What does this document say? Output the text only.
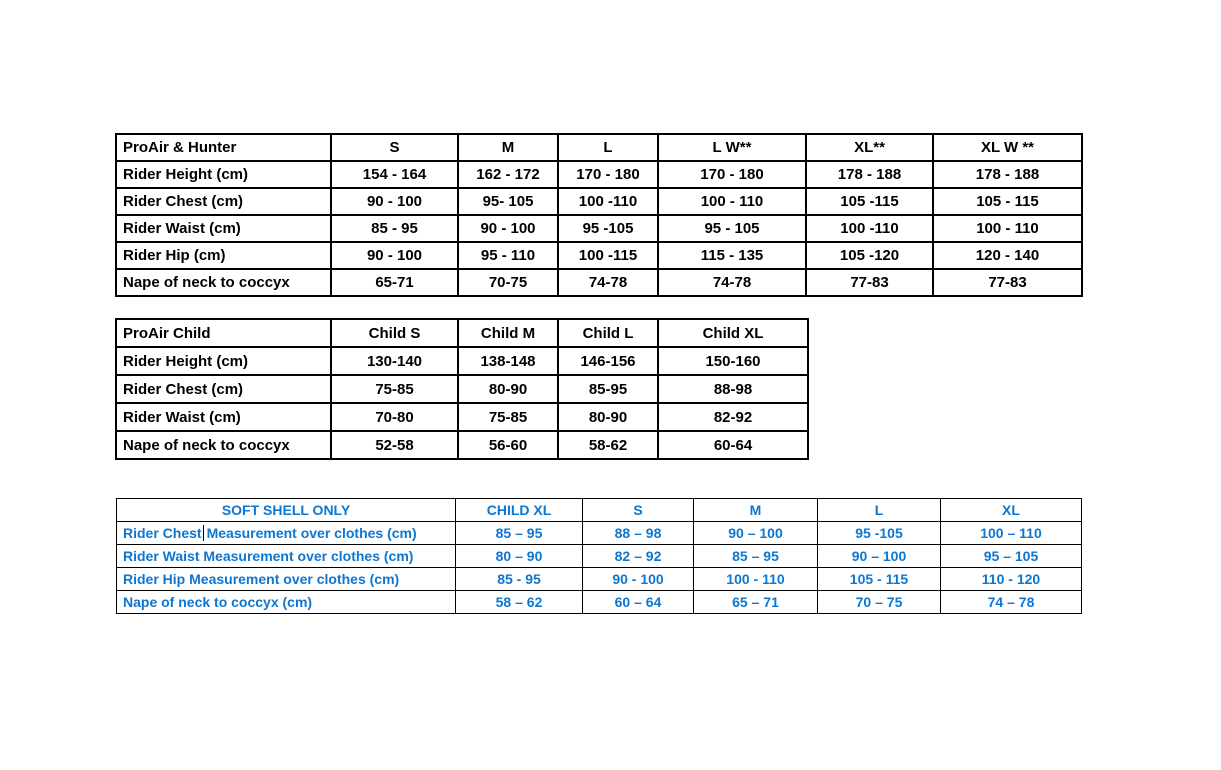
ProAir & Hunter	S	M	L	L W**	XL**	XL W **
Rider Height (cm)	154 - 164	162 - 172	170 - 180	170 - 180	178 - 188	178 - 188
Rider Chest (cm)	90 - 100	95- 105	100 -110	100 - 110	105 -115	105 - 115
Rider Waist (cm)	85 - 95	90 - 100	95 -105	95 - 105	100 -110	100 - 110
Rider Hip (cm)	90 - 100	95 - 110	100 -115	115 - 135	105 -120	120 - 140
Nape of neck to coccyx	65-71	70-75	74-78	74-78	77-83	77-83
ProAir Child	Child S	Child M	Child L	Child XL
Rider Height (cm)	130-140	138-148	146-156	150-160
Rider Chest (cm)	75-85	80-90	85-95	88-98
Rider Waist (cm)	70-80	75-85	80-90	82-92
Nape of neck to coccyx	52-58	56-60	58-62	60-64
SOFT SHELL ONLY	CHILD XL	S	M	L	XL

Rider Chest Measurement over clothes (cm)	85 – 95	88 – 98	90 – 100	95 -105	100 – 110
Rider Waist Measurement over clothes (cm)	80 – 90	82 – 92	85 – 95	90 – 100	95 – 105
Rider Hip Measurement over clothes (cm)	85 - 95	90 - 100	100 - 110	105 - 115	110 - 120
Nape of neck to coccyx (cm)	58 – 62	60 – 64	65 – 71	70 – 75	74 – 78
